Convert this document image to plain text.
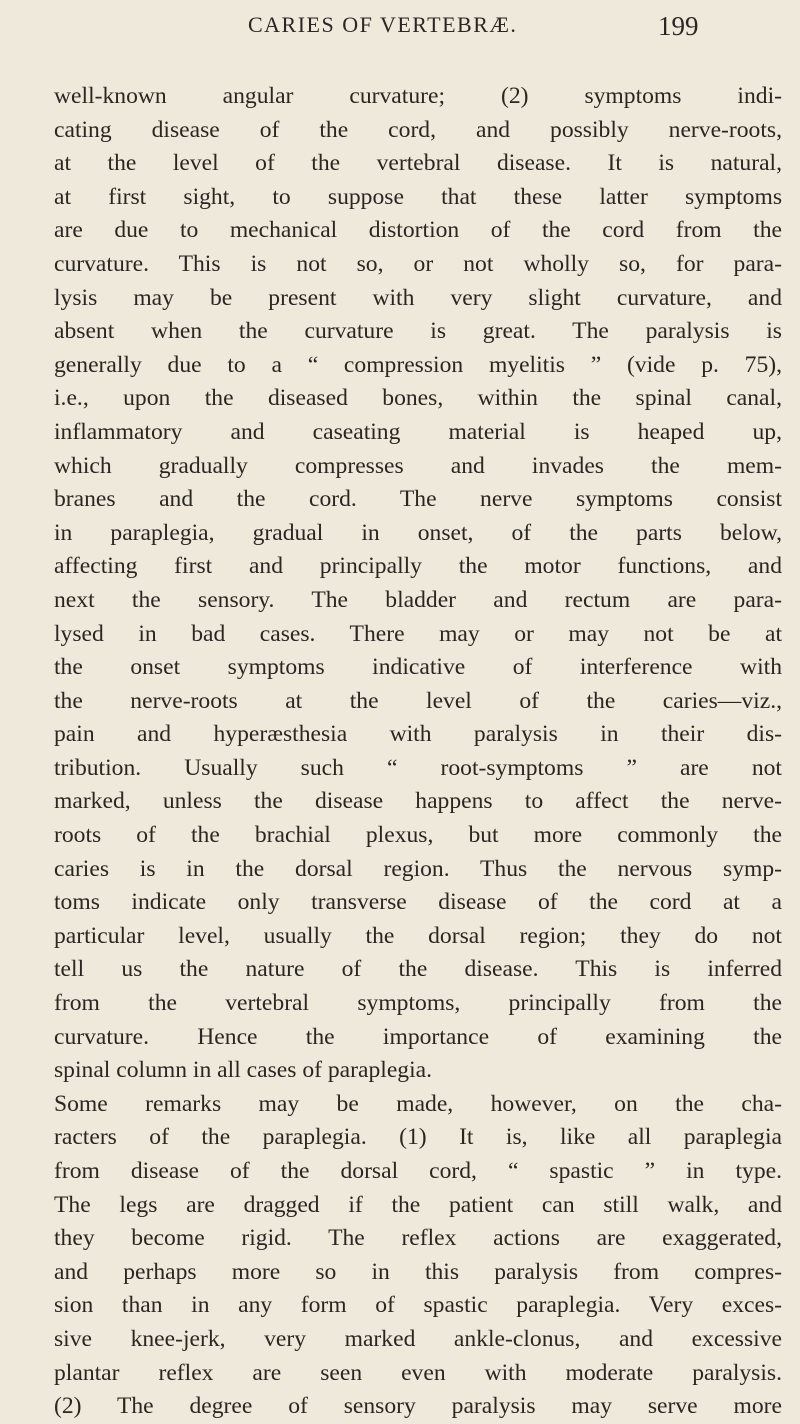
CARIES OF VERTEBRÆ.	199
well-known angular curvature; (2) symptoms indi-
cating disease of the cord, and possibly nerve-roots,
at the level of the vertebral disease. It is natural,
at first sight, to suppose that these latter symptoms
are due to mechanical distortion of the cord from the
curvature. This is not so, or not wholly so, for para-
lysis may be present with very slight curvature, and
absent when the curvature is great. The paralysis is
generally due to a “ compression myelitis ” (vide p. 75),
i.e., upon the diseased bones, within the spinal canal,
inflammatory and caseating material is heaped up,
which gradually compresses and invades the mem-
branes and the cord. The nerve symptoms consist
in paraplegia, gradual in onset, of the parts below,
affecting first and principally the motor functions, and
next the sensory. The bladder and rectum are para-
lysed in bad cases. There may or may not be at
the onset symptoms indicative of interference with
the nerve-roots at the level of the caries—viz.,
pain and hyperæsthesia with paralysis in their dis-
tribution. Usually such “ root-symptoms ” are not
marked, unless the disease happens to affect the nerve-
roots of the brachial plexus, but more commonly the
caries is in the dorsal region. Thus the nervous symp-
toms indicate only transverse disease of the cord at a
particular level, usually the dorsal region; they do not
tell us the nature of the disease. This is inferred
from the vertebral symptoms, principally from the
curvature. Hence the importance of examining the
spinal column in all cases of paraplegia.
Some remarks may be made, however, on the cha-
racters of the paraplegia. (1) It is, like all paraplegia
from disease of the dorsal cord, “ spastic ” in type.
The legs are dragged if the patient can still walk, and
they become rigid. The reflex actions are exaggerated,
and perhaps more so in this paralysis from compres-
sion than in any form of spastic paraplegia. Very exces-
sive knee-jerk, very marked ankle-clonus, and excessive
plantar reflex are seen even with moderate paralysis.
(2) The degree of sensory paralysis may serve more
